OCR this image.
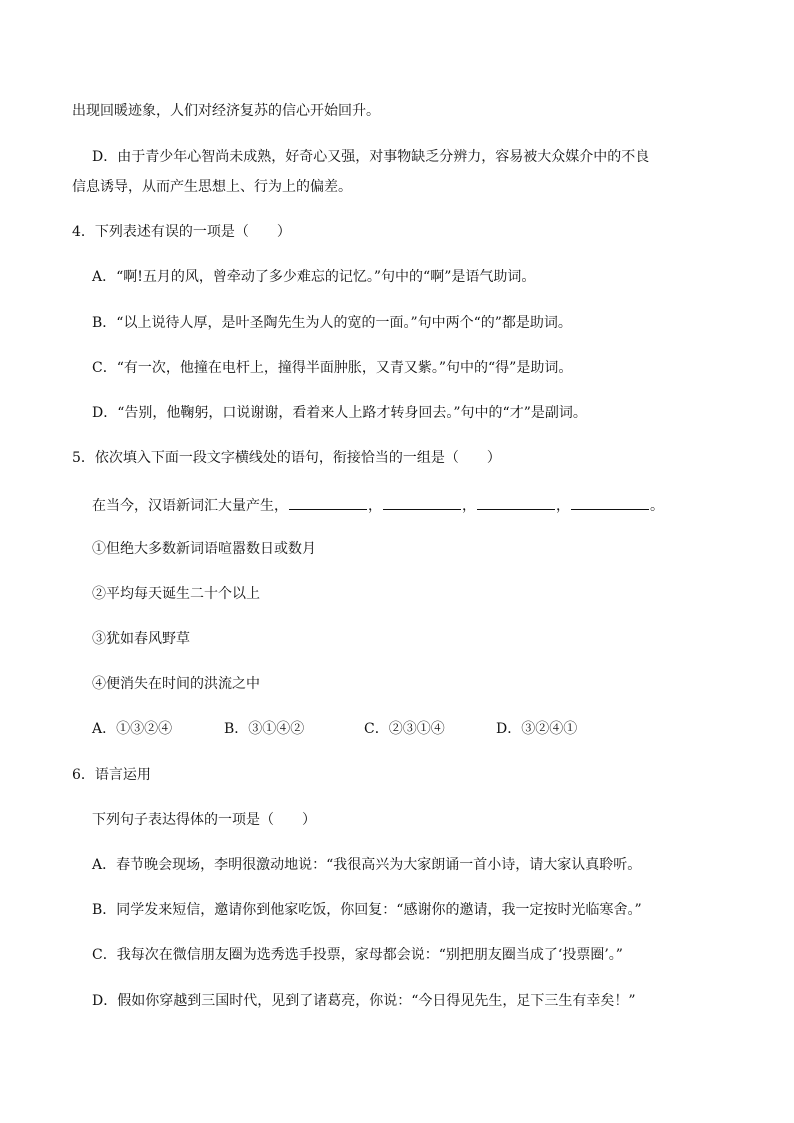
出现回暖迹象，人们对经济复苏的信心开始回升。
D．由于青少年心智尚未成熟，好奇心又强，对事物缺乏分辨力，容易被大众媒介中的不良
信息诱导，从而产生思想上、行为上的偏差。
4．下列表述有误的一项是（　　）
A．“啊!五月的风，曾牵动了多少难忘的记忆。”句中的“啊”是语气助词。
B．“以上说待人厚，是叶圣陶先生为人的宽的一面。”句中两个“的”都是助词。
C．“有一次，他撞在电杆上，撞得半面肿胀，又青又紫。”句中的“得”是助词。
D．“告别，他鞠躬，口说谢谢，看着来人上路才转身回去。”句中的“才”是副词。
5．依次填入下面一段文字横线处的语句，衔接恰当的一组是（　　）
在当今，汉语新词汇大量产生，	，	，	，	。
①但绝大多数新词语喧嚣数日或数月
②平均每天诞生二十个以上
③犹如春风野草
④便消失在时间的洪流之中
A．①③②④	B．③①④②	C．②③①④	D．③②④①
6．语言运用
下列句子表达得体的一项是（　　）
A．春节晚会现场，李明很激动地说：“我很高兴为大家朗诵一首小诗，请大家认真聆听。
B．同学发来短信，邀请你到他家吃饭，你回复：“感谢你的邀请，我一定按时光临寒舍。”
C．我每次在微信朋友圈为选秀选手投票，家母都会说：“别把朋友圈当成了‘投票圈’。”
D．假如你穿越到三国时代，见到了诸葛亮，你说：“今日得见先生，足下三生有幸矣！”
